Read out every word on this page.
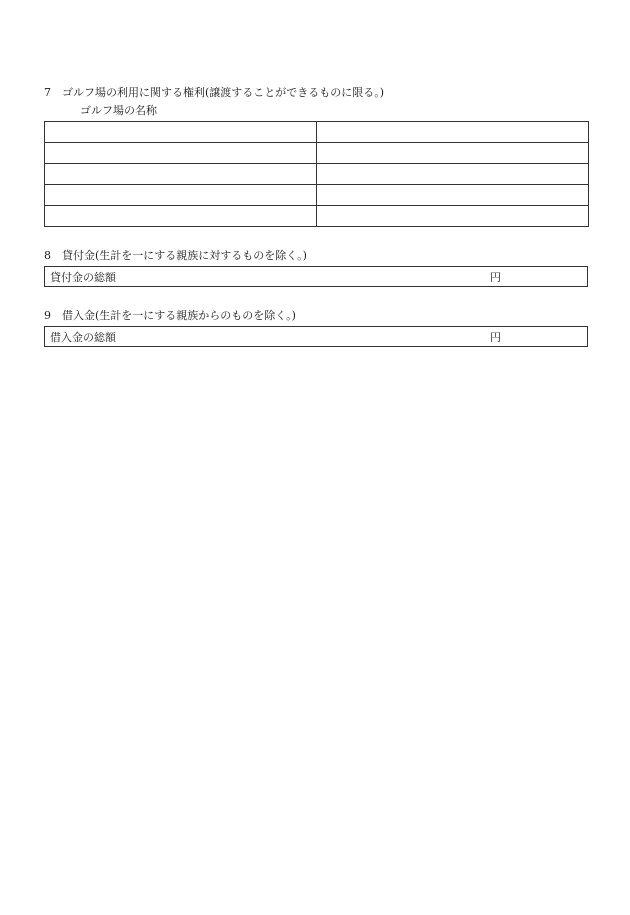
7	ゴルフ場の利用に関する権利(譲渡することができるものに限る。)
ゴルフ場の名称

8	貸付金(生計を一にする親族に対するものを除く。)
貸付金の総額	円
9	借入金(生計を一にする親族からのものを除く。)
借入金の総額	円
